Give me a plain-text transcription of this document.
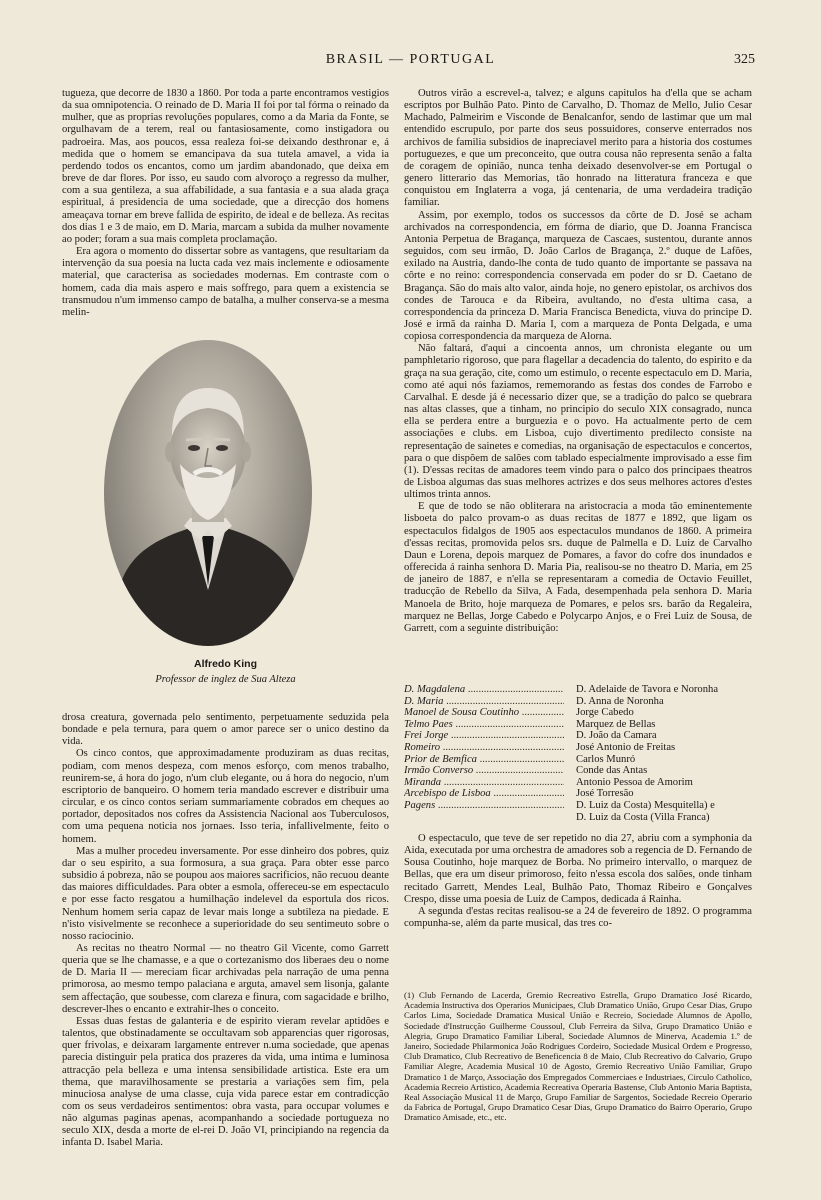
BRASIL — PORTUGAL	325

tugueza, que decorre de 1830 a 1860. Por toda a parte encontramos vestigios da sua omnipotencia. O reinado de D. Maria II foi por tal fórma o reinado da mulher, que as proprias revoluções populares, como a da Maria da Fonte, se orgulhavam de a terem, real ou fantasiosamente, como instigadora ou padroeira. Mas, aos poucos, essa realeza foi-se deixando desthronar e, á medida que o homem se emancipava da sua tutela amavel, a vida ia perdendo todos os encantos, como um jardim abandonado, que deixa em breve de dar flores. Por isso, eu saudo com alvoroço a regresso da mulher, com a sua gentileza, a sua affabilidade, a sua fantasia e a sua alada graça espiritual, á presidencia de uma sociedade, que a direcção dos homens ameaçava tornar em breve fallida de espirito, de ideal e de belleza. As recitas dos dias 1 e 3 de maio, em D. Maria, marcam a subida da mulher novamente ao poder; foram a sua mais completa proclamação.

Era agora o momento do dissertar sobre as vantagens, que resultariam da intervenção da sua poesia na lucta cada vez mais inclemente e odiosamente material, que caracterisa as sociedades modernas. Em contraste com o homem, cada dia mais aspero e mais soffrego, para quem a existencia se transmudou n'um immenso campo de batalha, a mulher conserva-se a mesma melin-

Alfredo King
Professor de inglez de Sua Alteza

drosa creatura, governada pelo sentimento, perpetuamente seduzida pela bondade e pela ternura, para quem o amor parece ser o unico destino da vida.

Os cinco contos, que approximadamente produziram as duas recitas, podiam, com menos despeza, com menos esforço, com menos trabalho, reunirem-se, á hora do jogo, n'um club elegante, ou á hora do negocio, n'um escriptorio de banqueiro. O homem teria mandado escrever e distribuir uma circular, e os cinco contos seriam summariamente cobrados em cheques ao portador, depositados nos cofres da Assistencia Nacional aos Tuberculosos, com uma pequena noticia nos jornaes. Isso teria, infallivelmente, feito o homem.

Mas a mulher procedeu inversamente. Por esse dinheiro dos pobres, quiz dar o seu espirito, a sua formosura, a sua graça. Para obter esse parco subsidio á pobreza, não se poupou aos maiores sacrificios, não recuou deante das maiores difficuldades. Para obter a esmola, offereceu-se em espectaculo e por esse facto resgatou a humilhação indelevel da esportula dos ricos. Nenhum homem seria capaz de levar mais longe a subtileza na piedade. E n'isto visivelmente se reconhece a superioridade do seu sentimeuto sobre o nosso raciocinio.

As recitas no theatro Normal — no theatro Gil Vicente, como Garrett queria que se lhe chamasse, e a que o cortezanismo dos liberaes deu o nome de D. Maria II — mereciam ficar archivadas pela narração de uma penna primorosa, ao mesmo tempo palaciana e arguta, amavel sem lisonja, galante sem affectação, que soubesse, com clareza e finura, com sagacidade e brilho, descrever-lhes o encanto e extrahir-lhes o conceito.

Essas duas festas de galanteria e de espirito vieram revelar aptidões e talentos, que obstinadamente se occultavam sob apparencias quer rigorosas, quer frivolas, e deixaram largamente entrever n.uma sociedade, que apenas parecia distinguir pela pratica dos prazeres da vida, uma intima e luminosa attracção pela belleza e uma intensa sensibilidade artistica. Este era um thema, que maravilhosamente se prestaria a variações sem fim, pela minuciosa analyse de uma classe, cuja vida parece estar em contradicção com os seus verdadeiros sentimentos: obra vasta, para occupar volumes e não algumas paginas apenas, acompanhando a sociedade portugueza no seculo XIX, desda a morte de el-rei D. João VI, principiando na regencia da infanta D. Isabel Maria.

Outros virão a escrevel-a, talvez; e alguns capitulos ha d'ella que se acham escriptos por Bulhão Pato. Pinto de Carvalho, D. Thomaz de Mello, Julio Cesar Machado, Palmeirim e Visconde de Benalcanfor, sendo de lastimar que um mal entendido escrupulo, por parte dos seus possuidores, conserve enterrados nos archivos de familia subsidios de inapreciavel merito para a historia dos costumes portuguezes, e que um preconceito, que outra cousa não representa senão a falta de coragem de opinião, nunca tenha deixado desenvolver-se em Portugal o genero litterario das Memorias, tão honrado na litteratura franceza e que conquistou em Inglaterra a voga, já centenaria, de uma verdadeira tradição familiar.

Assim, por exemplo, todos os successos da côrte de D. José se acham archivados na correspondencia, em fórma de diario, que D. Joanna Francisca Antonia Perpetua de Bragança, marqueza de Cascaes, sustentou, durante annos seguidos, com seu irmão, D. João Carlos de Bragança, 2.º duque de Lafões, exilado na Austria, dando-lhe conta de tudo quanto de importante se passava na côrte e no reino: correspondencia conservada em poder do sr D. Caetano de Bragança. São do mais alto valor, ainda hoje, no genero epistolar, os archivos dos condes de Tarouca e da Ribeira, avultando, no d'esta ultima casa, a correspondencia da princeza D. Maria Francisca Benedicta, viuva do principe D. José e irmã da rainha D. Maria I, com a marqueza de Ponta Delgada, e uma copiosa correspondencia da marqueza de Alorna.

Não faltará, d'aqui a cincoenta annos, um chronista elegante ou um pamphletario rigoroso, que para flagellar a decadencia do talento, do espirito e da graça na sua geração, cite, como um estimulo, o recente espectaculo em D. Maria, como até aqui nós faziamos, rememorando as festas dos condes de Farrobo e Carvalhal. E desde já é necessario dizer que, se a tradição do palco se quebrara nas altas classes, que a tinham, no principio do seculo XIX consagrado, nunca ella se perdera entre a burguezia e o povo. Ha actualmente perto de cem associações e clubs. em Lisboa, cujo divertimento predilecto consiste na representação de sainetes e comedias, na organisação de espectaculos e concertos, para o que dispõem de salões com tablado especialmente improvisado a esse fim (1). D'essas recitas de amadores teem vindo para o palco dos principaes theatros de Lisboa algumas das suas melhores actrizes e dos seus melhores actores d'estes ultimos trinta annos.

E que de todo se não obliterara na aristocracia a moda tão eminentemente lisboeta do palco provam-o as duas recitas de 1877 e 1892, que ligam os espectaculos fidalgos de 1905 aos espectaculos mundanos de 1860. A primeira d'essas recitas, promovida pelos srs. duque de Palmella e D. Luiz de Carvalho Daun e Lorena, depois marquez de Pomares, a favor do cofre dos inundados e offerecida á rainha senhora D. Maria Pia, realisou-se no theatro D. Maria, em 25 de janeiro de 1887, e n'ella se representaram a comedia de Octavio Feuillet, traducção de Rebello da Silva, A Fada, desempenhada pela senhora D. Maria Manoela de Brito, hoje marqueza de Pomares, e pelos srs. barão da Regaleira, marquez ne Bellas, Jorge Cabedo e Polycarpo Anjos, e o Frei Luiz de Sousa, de Garrett, com a seguinte distribuição:

D. Magdalena .....	D. Adelaide de Tavora e Noronha
D. Maria .....	D. Anna de Noronha
Manoel de Sousa Coutinho .....	Jorge Cabedo
Telmo Paes .....	Marquez de Bellas
Frei Jorge .....	D. João da Camara
Romeiro .....	José Antonio de Freitas
Prior de Bemfica .....	Carlos Munró
Irmão Converso .....	Conde das Antas
Miranda .....	Antonio Pessoa de Amorim
Arcebispo de Lisboa .....	José Torresão
Pagens .....	D. Luiz da Costa) Mesquitella) e
D. Luiz da Costa (Villa Franca)

O espectaculo, que teve de ser repetido no dia 27, abriu com a symphonia da Aida, executada por uma orchestra de amadores sob a regencia de D. Fernando de Sousa Coutinho, hoje marquez de Borba. No primeiro intervallo, o marquez de Bellas, que era um diseur primoroso, feito n'essa escola dos salões, onde tinham recitado Garrett, Mendes Leal, Bulhão Pato, Thomaz Ribeiro e Gonçalves Crespo, disse uma poesia de Luiz de Campos, dedicada á Rainha.

A segunda d'estas recitas realisou-se a 24 de fevereiro de 1892. O programma compunha-se, além da parte musical, das tres co-

(1) Club Fernando de Lacerda, Gremio Recreativo Estrella, Grupo Dramatico José Ricardo, Academia Instructiva dos Operarios Municipaes, Club Dramatico União, Grupo Cesar Dias, Grupo Carlos Lima, Sociedade Dramatica Musical União e Recreio, Sociedade Alumnos de Apollo, Sociedade d'Instrucção Guilherme Coussoul, Club Ferreira da Silva, Grupo Dramatico União e Alegria, Grupo Dramatico Familiar Liberal, Sociedade Alumnos de Minerva, Academia 1.º de Janeiro, Sociedade Philarmonica João Rodrigues Cordeiro, Sociedade Musical Ordem e Progresso, Club Dramatico, Club Recreativo de Beneficencia 8 de Maio, Club Recreativo do Calvario, Grupo Familiar Alegre, Academia Musical 10 de Agosto, Gremio Recreativo União Familiar, Grupo Dramatico 1 de Março, Associação dos Empregados Commerciaes e Industriaes, Circulo Catholico, Academia Recreio Artistico, Academia Recreativa Operaria Bastense, Club Antonio Maria Baptista, Real Associação Musical 11 de Março, Grupo Familiar de Sargentos, Sociedade Recreio Operario da Fabrica de Portugal, Grupo Dramatico Cesar Dias, Grupo Dramatico do Bairro Operario, Grupo Dramatico Amisade, etc., etc.
